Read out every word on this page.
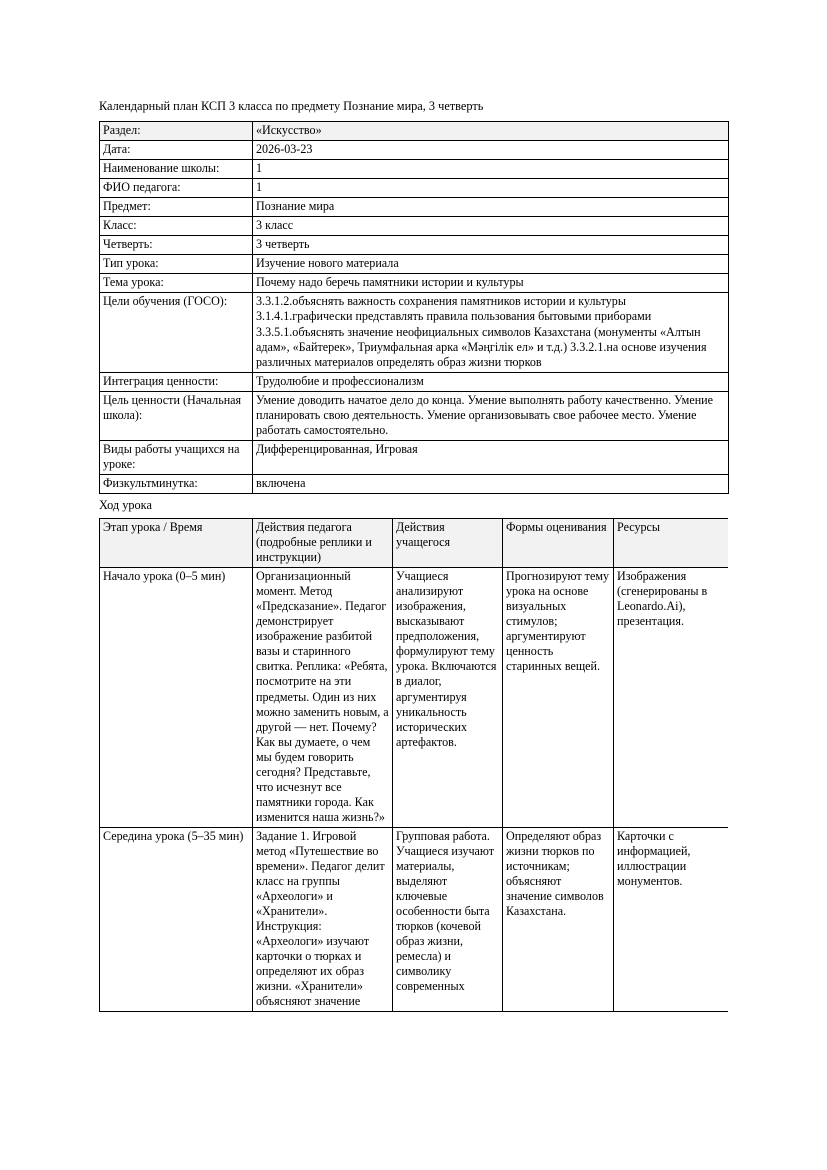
Календарный план КСП 3 класса по предмету Познание мира, 3 четверть

Раздел:	«Искусство»
Дата:	2026-03-23
Наименование школы:	1
ФИО педагога:	1
Предмет:	Познание мира
Класс:	3 класс
Четверть:	3 четверть
Тип урока:	Изучение нового материала
Тема урока:	Почему надо беречь памятники истории и культуры
Цели обучения (ГОСО):	3.3.1.2.объяснять важность сохранения памятников истории и культуры 3.1.4.1.графически представлять правила пользования бытовыми приборами 3.3.5.1.объяснять значение неофициальных символов Казахстана (монументы «Алтын адам», «Байтерек», Триумфальная арка «Мәңгілік ел» и т.д.) 3.3.2.1.на основе изучения различных материалов определять образ жизни тюрков
Интеграция ценности:	Трудолюбие и профессионализм
Цель ценности (Начальная школа):	Умение доводить начатое дело до конца. Умение выполнять работу качественно. Умение планировать свою деятельность. Умение организовывать свое рабочее место. Умение работать самостоятельно.
Виды работы учащихся на уроке:	Дифференцированная, Игровая
Физкультминутка:	включена

Ход урока

Этап урока / Время	Действия педагога (подробные реплики и инструкции)	Действия учащегося	Формы оценивания	Ресурсы
Начало урока (0–5 мин)	Организационный момент. Метод «Предсказание». Педагог демонстрирует изображение разбитой вазы и старинного свитка. Реплика: «Ребята, посмотрите на эти предметы. Один из них можно заменить новым, а другой — нет. Почему? Как вы думаете, о чем мы будем говорить сегодня? Представьте, что исчезнут все памятники города. Как изменится наша жизнь?»	Учащиеся анализируют изображения, высказывают предположения, формулируют тему урока. Включаются в диалог, аргументируя уникальность исторических артефактов.	Прогнозируют тему урока на основе визуальных стимулов; аргументируют ценность старинных вещей.	Изображения (сгенерированы в Leonardo.Ai), презентация.
Середина урока (5–35 мин)	Задание 1. Игровой метод «Путешествие во времени». Педагог делит класс на группы «Археологи» и «Хранители». Инструкция: «Археологи» изучают карточки о тюрках и определяют их образ жизни. «Хранители» объясняют значение	Групповая работа. Учащиеся изучают материалы, выделяют ключевые особенности быта тюрков (кочевой образ жизни, ремесла) и символику современных	Определяют образ жизни тюрков по источникам; объясняют значение символов Казахстана.	Карточки с информацией, иллюстрации монументов.
